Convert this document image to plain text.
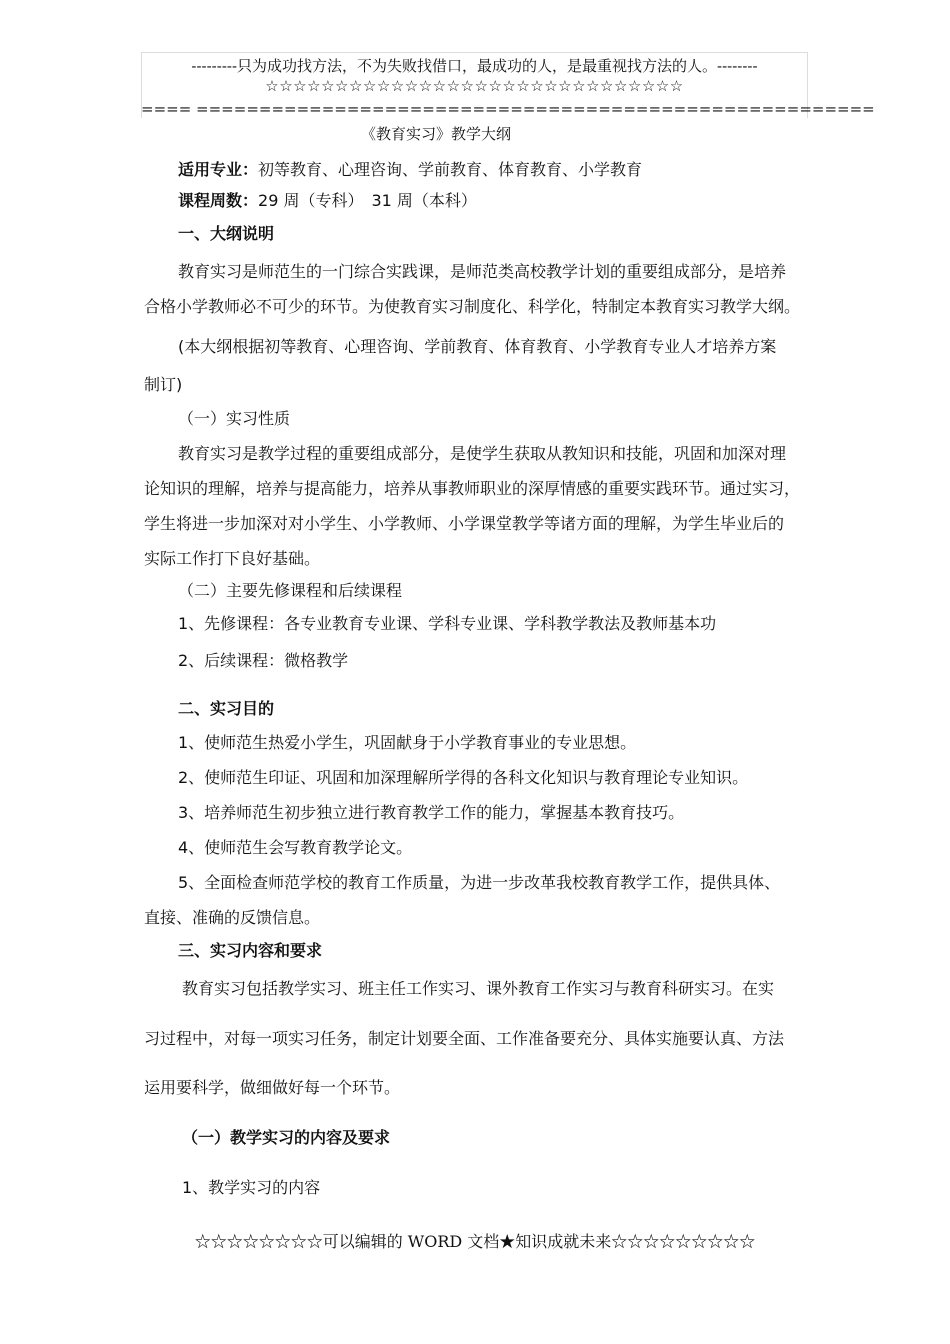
---------只为成功找方法，不为失败找借口，最成功的人，是最重视找方法的人。--------
☆☆☆☆☆☆☆☆☆☆☆☆☆☆☆☆☆☆☆☆☆☆☆☆☆☆☆☆☆☆
==== ======================================================
《教育实习》教学大纲
适用专业：初等教育、心理咨询、学前教育、体育教育、小学教育
课程周数：29 周（专科）　31 周（本科）
一、大纲说明
教育实习是师范生的一门综合实践课，是师范类高校教学计划的重要组成部分，是培养
合格小学教师必不可少的环节。为使教育实习制度化、科学化，特制定本教育实习教学大纲。
(本大纲根据初等教育、心理咨询、学前教育、体育教育、小学教育专业人才培养方案
制订)
（一）实习性质
教育实习是教学过程的重要组成部分，是使学生获取从教知识和技能，巩固和加深对理
论知识的理解，培养与提高能力，培养从事教师职业的深厚情感的重要实践环节。通过实习，
学生将进一步加深对对小学生、小学教师、小学课堂教学等诸方面的理解，为学生毕业后的
实际工作打下良好基础。
（二）主要先修课程和后续课程
1、先修课程：各专业教育专业课、学科专业课、学科教学教法及教师基本功
2、后续课程：微格教学
二、实习目的
1、使师范生热爱小学生，巩固献身于小学教育事业的专业思想。
2、使师范生印证、巩固和加深理解所学得的各科文化知识与教育理论专业知识。
3、培养师范生初步独立进行教育教学工作的能力，掌握基本教育技巧。
4、使师范生会写教育教学论文。
5、全面检查师范学校的教育工作质量，为进一步改革我校教育教学工作，提供具体、
直接、准确的反馈信息。
三、实习内容和要求
教育实习包括教学实习、班主任工作实习、课外教育工作实习与教育科研实习。在实
习过程中，对每一项实习任务，制定计划要全面、工作准备要充分、具体实施要认真、方法
运用要科学，做细做好每一个环节。
（一）教学实习的内容及要求
1、教学实习的内容
☆☆☆☆☆☆☆☆可以编辑的 WORD 文档★知识成就未来☆☆☆☆☆☆☆☆☆
